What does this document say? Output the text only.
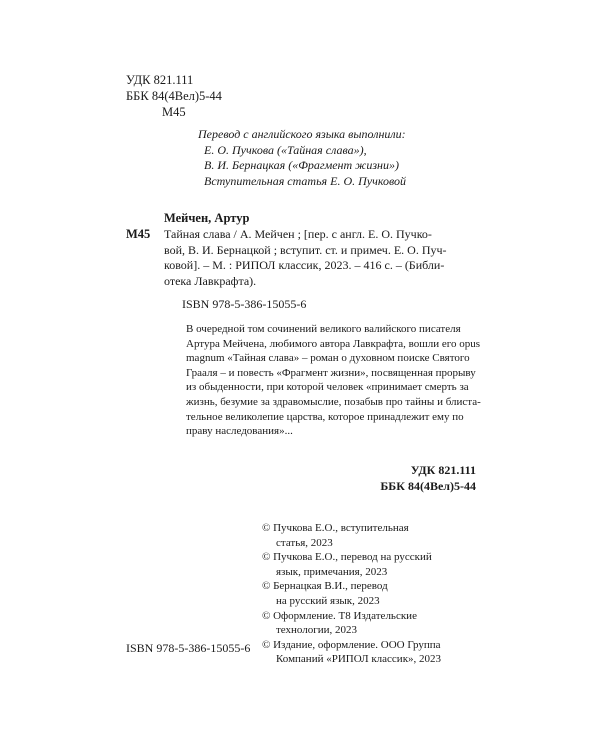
УДК 821.111
ББК 84(4Вел)5-44
М45
Перевод с английского языка выполнили:
Е. О. Пучкова («Тайная слава»),
В. И. Бернацкая («Фрагмент жизни»)
Вступительная статья Е. О. Пучковой
Мейчен, Артур
М45 Тайная слава / А. Мейчен ; [пер. с англ. Е. О. Пучко-
вой, В. И. Бернацкой ; вступит. ст. и примеч. Е. О. Пуч-
ковой]. – М. : РИПОЛ классик, 2023. – 416 с. – (Библи-
отека Лавкрафта).
ISBN 978-5-386-15055-6
В очередной том сочинений великого валийского писателя
Артура Мейчена, любимого автора Лавкрафта, вошли его opus
magnum «Тайная слава» – роман о духовном поиске Святого
Грааля – и повесть «Фрагмент жизни», посвященная прорыву
из обыденности, при которой человек «принимает смерть за
жизнь, безумие за здравомыслие, позабыв про тайны и блиста-
тельное великолепие царства, которое принадлежит ему по
праву наследования»...
УДК 821.111
ББК 84(4Вел)5-44
© Пучкова Е.О., вступительная
статья, 2023
© Пучкова Е.О., перевод на русский
язык, примечания, 2023
© Бернацкая В.И., перевод
на русский язык, 2023
© Оформление. Т8 Издательские
технологии, 2023
© Издание, оформление. ООО Группа
Компаний «РИПОЛ классик», 2023
ISBN 978-5-386-15055-6
